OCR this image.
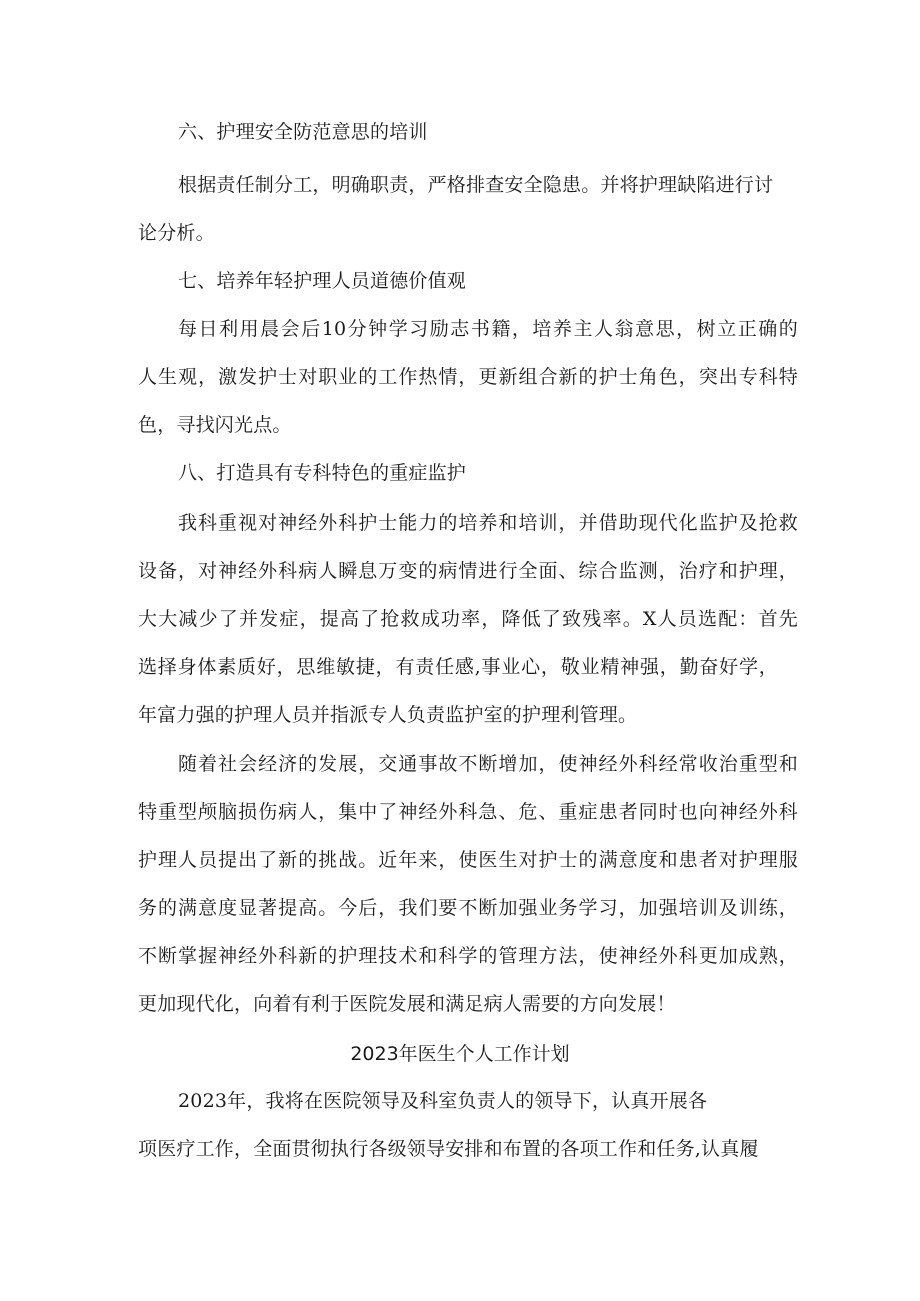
六、护理安全防范意思的培训
根据责任制分工，明确职责，严格排查安全隐患。并将护理缺陷进行讨
论分析。
七、培养年轻护理人员道德价值观
每日利用晨会后10分钟学习励志书籍，培养主人翁意思，树立正确的
人生观，激发护士对职业的工作热情，更新组合新的护士角色，突出专科特
色，寻找闪光点。
八、打造具有专科特色的重症监护
我科重视对神经外科护士能力的培养和培训，并借助现代化监护及抢救
设备，对神经外科病人瞬息万变的病情进行全面、综合监测，治疗和护理，
大大减少了并发症，提高了抢救成功率，降低了致残率。X人员选配：首先
选择身体素质好，思维敏捷，有责任感,事业心，敬业精神强，勤奋好学，
年富力强的护理人员并指派专人负责监护室的护理利管理。
随着社会经济的发展，交通事故不断增加，使神经外科经常收治重型和
特重型颅脑损伤病人，集中了神经外科急、危、重症患者同时也向神经外科
护理人员提出了新的挑战。近年来，使医生对护士的满意度和患者对护理服
务的满意度显著提高。今后，我们要不断加强业务学习，加强培训及训练，
不断掌握神经外科新的护理技术和科学的管理方法，使神经外科更加成熟，
更加现代化，向着有利于医院发展和满足病人需要的方向发展！
2023年医生个人工作计划
2023年，我将在医院领导及科室负责人的领导下，认真开展各
项医疗工作，全面贯彻执行各级领导安排和布置的各项工作和任务,认真履
